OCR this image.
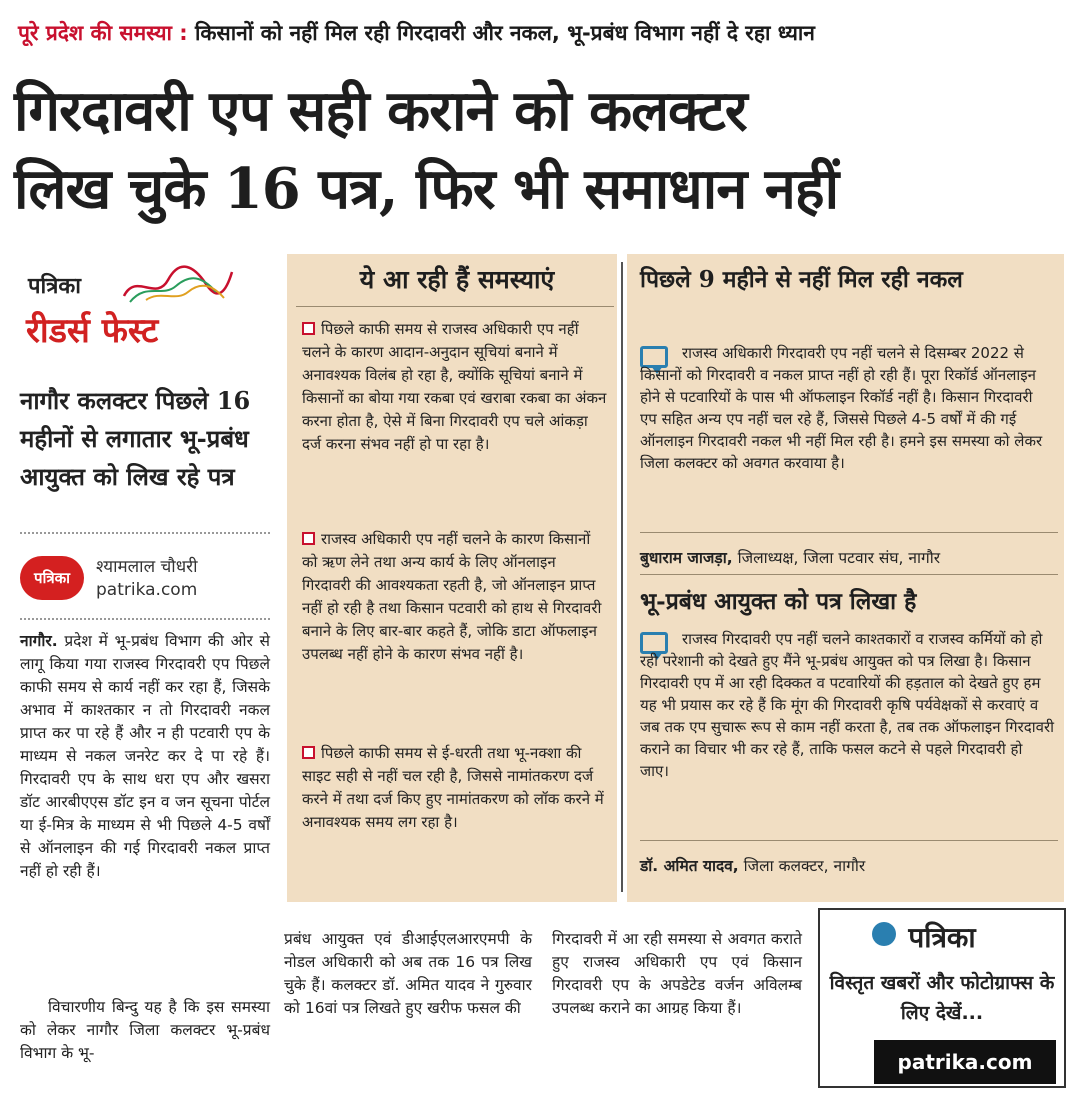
पूरे प्रदेश की समस्या : किसानों को नहीं मिल रही गिरदावरी और नकल, भू-प्रबंध विभाग नहीं दे रहा ध्यान
गिरदावरी एप सही कराने को कलक्टर
लिख चुके 16 पत्र, फिर भी समाधान नहीं
पत्रिका
रीडर्स फेस्ट
नागौर कलक्टर पिछले 16 महीनों से लगातार भू-प्रबंध आयुक्त को लिख रहे पत्र
पत्रिका
श्यामलाल चौधरी
patrika.com
नागौर. प्रदेश में भू-प्रबंध विभाग की ओर से लागू किया गया राजस्व गिरदावरी एप पिछले काफी समय से कार्य नहीं कर रहा हैं, जिसके अभाव में काश्तकार न तो गिरदावरी नकल प्राप्त कर पा रहे हैं और न ही पटवारी एप के माध्यम से नकल जनरेट कर दे पा रहे हैं। गिरदावरी एप के साथ धरा एप और खसरा डॉट आरबीएएस डॉट इन व जन सूचना पोर्टल या ई-मित्र के माध्यम से भी पिछले 4-5 वर्षों से ऑनलाइन की गई गिरदावरी नकल प्राप्त नहीं हो रही हैं।
विचारणीय बिन्दु यह है कि इस समस्या को लेकर नागौर जिला कलक्टर भू-प्रबंध विभाग के भू-
प्रबंध आयुक्त एवं डीआईएलआरएमपी के नोडल अधिकारी को अब तक 16 पत्र लिख चुके हैं। कलक्टर डॉ. अमित यादव ने गुरुवार को 16वां पत्र लिखते हुए खरीफ फसल की
गिरदावरी में आ रही समस्या से अवगत कराते हुए राजस्व अधिकारी एप एवं किसान गिरदावरी एप के अपडेटेड वर्जन अविलम्ब उपलब्ध कराने का आग्रह किया हैं।
ये आ रही हैं समस्याएं
पिछले काफी समय से राजस्व अधिकारी एप नहीं चलने के कारण आदान-अनुदान सूचियां बनाने में अनावश्यक विलंब हो रहा है, क्योंकि सूचियां बनाने में किसानों का बोया गया रकबा एवं खराबा रकबा का अंकन करना होता है, ऐसे में बिना गिरदावरी एप चले आंकड़ा दर्ज करना संभव नहीं हो पा रहा है।
राजस्व अधिकारी एप नहीं चलने के कारण किसानों को ऋण लेने तथा अन्य कार्य के लिए ऑनलाइन गिरदावरी की आवश्यकता रहती है, जो ऑनलाइन प्राप्त नहीं हो रही है तथा किसान पटवारी को हाथ से गिरदावरी बनाने के लिए बार-बार कहते हैं, जोकि डाटा ऑफलाइन उपलब्ध नहीं होने के कारण संभव नहीं है।
पिछले काफी समय से ई-धरती तथा भू-नक्शा की साइट सही से नहीं चल रही है, जिससे नामांतकरण दर्ज करने में तथा दर्ज किए हुए नामांतकरण को लॉक करने में अनावश्यक समय लग रहा है।
पिछले 9 महीने से नहीं मिल रही नकल
राजस्व अधिकारी गिरदावरी एप नहीं चलने से दिसम्बर 2022 से किसानों को गिरदावरी व नकल प्राप्त नहीं हो रही हैं। पूरा रिकॉर्ड ऑनलाइन होने से पटवारियों के पास भी ऑफलाइन रिकॉर्ड नहीं है। किसान गिरदावरी एप सहित अन्य एप नहीं चल रहे हैं, जिससे पिछले 4-5 वर्षों में की गई ऑनलाइन गिरदावरी नकल भी नहीं मिल रही है। हमने इस समस्या को लेकर जिला कलक्टर को अवगत करवाया है।
बुधाराम जाजड़ा, जिलाध्यक्ष, जिला पटवार संघ, नागौर
भू-प्रबंध आयुक्त को पत्र लिखा है
राजस्व गिरदावरी एप नहीं चलने काश्तकारों व राजस्व कर्मियों को हो रही परेशानी को देखते हुए मैंने भू-प्रबंध आयुक्त को पत्र लिखा है। किसान गिरदावरी एप में आ रही दिक्कत व पटवारियों की हड़ताल को देखते हुए हम यह भी प्रयास कर रहे हैं कि मूंग की गिरदावरी कृषि पर्यवेक्षकों से करवाएं व जब तक एप सुचारू रूप से काम नहीं करता है, तब तक ऑफलाइन गिरदावरी कराने का विचार भी कर रहे हैं, ताकि फसल कटने से पहले गिरदावरी हो जाए।
डॉ. अमित यादव, जिला कलक्टर, नागौर
पत्रिका
विस्तृत खबरों और फोटोग्राफ्स के लिए देखें...
patrika.com
